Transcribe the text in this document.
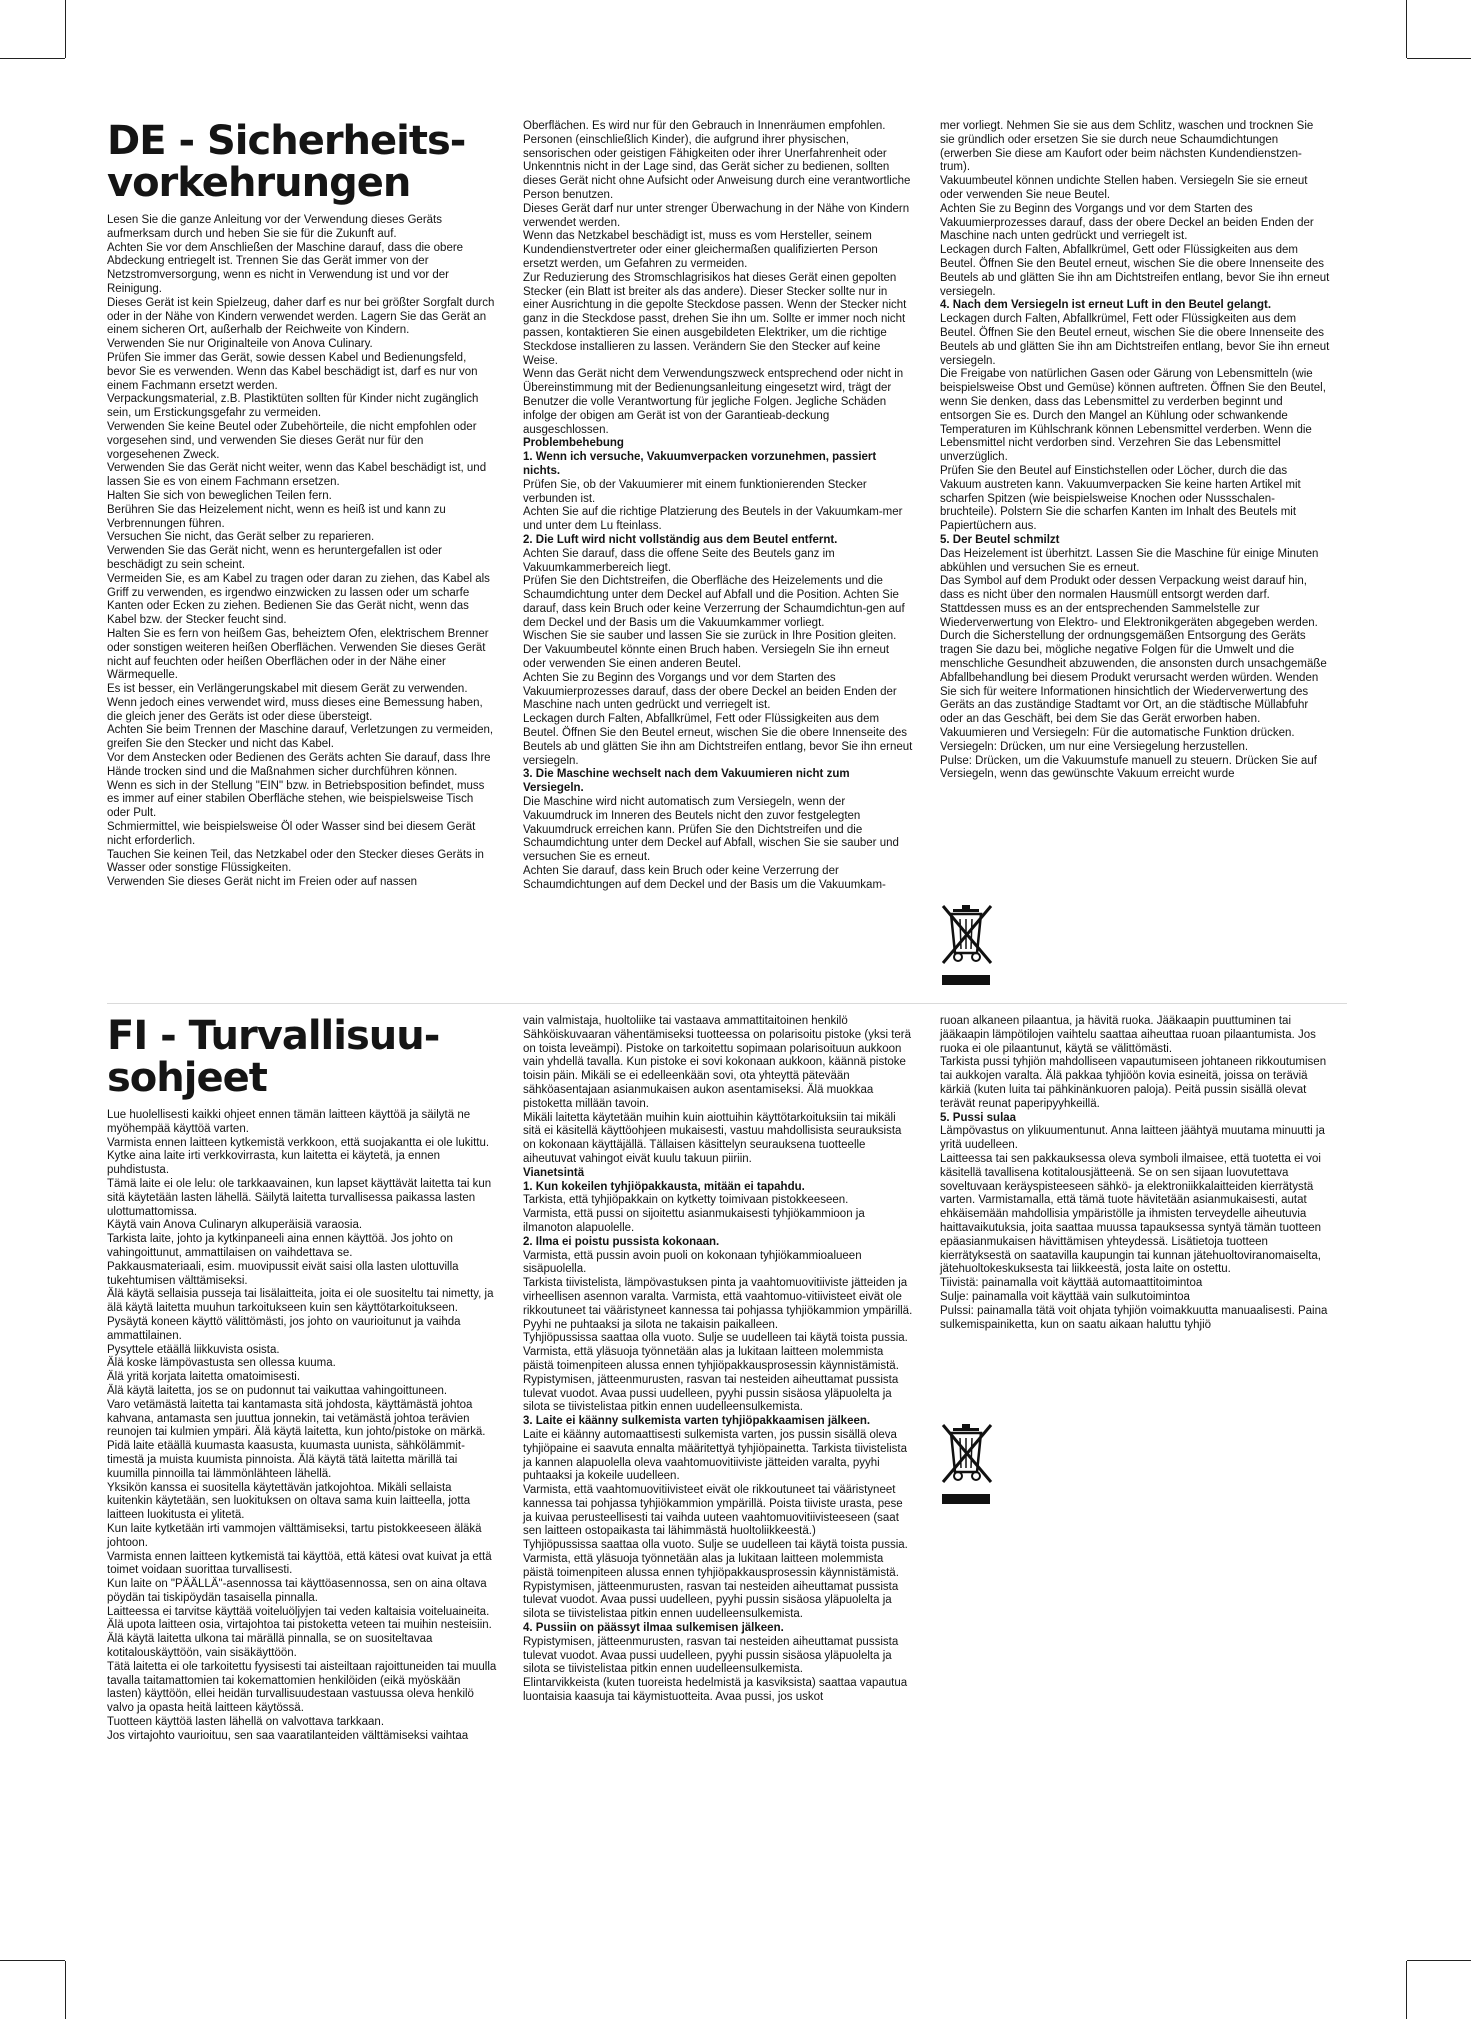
DE - Sicherheits-
vorkehrungen

Lesen Sie die ganze Anleitung vor der Verwendung dieses Geräts aufmerksam durch und heben Sie sie für die Zukunft auf.

Achten Sie vor dem Anschließen der Maschine darauf, dass die obere Abdeckung entriegelt ist. Trennen Sie das Gerät immer von der Netzstromversorgung, wenn es nicht in Verwendung ist und vor der Reinigung.

Dieses Gerät ist kein Spielzeug, daher darf es nur bei größter Sorgfalt durch oder in der Nähe von Kindern verwendet werden. Lagern Sie das Gerät an einem sicheren Ort, außerhalb der Reichweite von Kindern.

Verwenden Sie nur Originalteile von Anova Culinary.

Prüfen Sie immer das Gerät, sowie dessen Kabel und Bedienungsfeld, bevor Sie es verwenden. Wenn das Kabel beschädigt ist, darf es nur von einem Fachmann ersetzt werden.

Verpackungsmaterial, z.B. Plastiktüten sollten für Kinder nicht zugänglich sein, um Erstickungsgefahr zu vermeiden.

Verwenden Sie keine Beutel oder Zubehörteile, die nicht empfohlen oder vorgesehen sind, und verwenden Sie dieses Gerät nur für den vorgesehenen Zweck.

Verwenden Sie das Gerät nicht weiter, wenn das Kabel beschädigt ist, und lassen Sie es von einem Fachmann ersetzen.

Halten Sie sich von beweglichen Teilen fern.

Berühren Sie das Heizelement nicht, wenn es heiß ist und kann zu Verbrennungen führen.

Versuchen Sie nicht, das Gerät selber zu reparieren.

Verwenden Sie das Gerät nicht, wenn es heruntergefallen ist oder beschädigt zu sein scheint.

Vermeiden Sie, es am Kabel zu tragen oder daran zu ziehen, das Kabel als Griff zu verwenden, es irgendwo einzwicken zu lassen oder um scharfe Kanten oder Ecken zu ziehen. Bedienen Sie das Gerät nicht, wenn das Kabel bzw. der Stecker feucht sind.

Halten Sie es fern von heißem Gas, beheiztem Ofen, elektrischem Brenner oder sonstigen weiteren heißen Oberflächen. Verwenden Sie dieses Gerät nicht auf feuchten oder heißen Oberflächen oder in der Nähe einer Wärmequelle.

Es ist besser, ein Verlängerungskabel mit diesem Gerät zu verwenden. Wenn jedoch eines verwendet wird, muss dieses eine Bemessung haben, die gleich jener des Geräts ist oder diese übersteigt.

Achten Sie beim Trennen der Maschine darauf, Verletzungen zu vermeiden, greifen Sie den Stecker und nicht das Kabel.

Vor dem Anstecken oder Bedienen des Geräts achten Sie darauf, dass Ihre Hände trocken sind und die Maßnahmen sicher durchführen können.

Wenn es sich in der Stellung "EIN" bzw. in Betriebsposition befindet, muss es immer auf einer stabilen Oberfläche stehen, wie beispielsweise Tisch oder Pult.

Schmiermittel, wie beispielsweise Öl oder Wasser sind bei diesem Gerät nicht erforderlich.

Tauchen Sie keinen Teil, das Netzkabel oder den Stecker dieses Geräts in Wasser oder sonstige Flüssigkeiten.

Verwenden Sie dieses Gerät nicht im Freien oder auf nassen

Oberflächen. Es wird nur für den Gebrauch in Innenräumen empfohlen.

Personen (einschließlich Kinder), die aufgrund ihrer physischen, sensorischen oder geistigen Fähigkeiten oder ihrer Unerfahrenheit oder Unkenntnis nicht in der Lage sind, das Gerät sicher zu bedienen, sollten dieses Gerät nicht ohne Aufsicht oder Anweisung durch eine verantwortliche Person benutzen.

Dieses Gerät darf nur unter strenger Überwachung in der Nähe von Kindern verwendet werden.

Wenn das Netzkabel beschädigt ist, muss es vom Hersteller, seinem Kundendienstvertreter oder einer gleichermaßen qualifizierten Person ersetzt werden, um Gefahren zu vermeiden.

Zur Reduzierung des Stromschlagrisikos hat dieses Gerät einen gepolten Stecker (ein Blatt ist breiter als das andere). Dieser Stecker sollte nur in einer Ausrichtung in die gepolte Steckdose passen. Wenn der Stecker nicht ganz in die Steckdose passt, drehen Sie ihn um. Sollte er immer noch nicht passen, kontaktieren Sie einen ausgebildeten Elektriker, um die richtige Steckdose installieren zu lassen. Verändern Sie den Stecker auf keine Weise.

Wenn das Gerät nicht dem Verwendungszweck entsprechend oder nicht in Übereinstimmung mit der Bedienungsanleitung eingesetzt wird, trägt der Benutzer die volle Verantwortung für jegliche Folgen. Jegliche Schäden infolge der obigen am Gerät ist von der Garantieab-deckung ausgeschlossen.

Problembehebung

1. Wenn ich versuche, Vakuumverpacken vorzunehmen, passiert nichts.

Prüfen Sie, ob der Vakuumierer mit einem funktionierenden Stecker verbunden ist.

Achten Sie auf die richtige Platzierung des Beutels in der Vakuumkam-mer und unter dem Lu fteinlass.

2. Die Luft wird nicht vollständig aus dem Beutel entfernt.

Achten Sie darauf, dass die offene Seite des Beutels ganz im Vakuumkammerbereich liegt.

Prüfen Sie den Dichtstreifen, die Oberfläche des Heizelements und die Schaumdichtung unter dem Deckel auf Abfall und die Position. Achten Sie darauf, dass kein Bruch oder keine Verzerrung der Schaumdichtun-gen auf dem Deckel und der Basis um die Vakuumkammer vorliegt.

Wischen Sie sie sauber und lassen Sie sie zurück in Ihre Position gleiten.

Der Vakuumbeutel könnte einen Bruch haben. Versiegeln Sie ihn erneut oder verwenden Sie einen anderen Beutel.

Achten Sie zu Beginn des Vorgangs und vor dem Starten des Vakuumierprozesses darauf, dass der obere Deckel an beiden Enden der Maschine nach unten gedrückt und verriegelt ist.

Leckagen durch Falten, Abfallkrümel, Fett oder Flüssigkeiten aus dem Beutel. Öffnen Sie den Beutel erneut, wischen Sie die obere Innenseite des Beutels ab und glätten Sie ihn am Dichtstreifen entlang, bevor Sie ihn erneut versiegeln.

3. Die Maschine wechselt nach dem Vakuumieren nicht zum Versiegeln.

Die Maschine wird nicht automatisch zum Versiegeln, wenn der Vakuumdruck im Inneren des Beutels nicht den zuvor festgelegten Vakuumdruck erreichen kann. Prüfen Sie den Dichtstreifen und die Schaumdichtung unter dem Deckel auf Abfall, wischen Sie sie sauber und versuchen Sie es erneut.

Achten Sie darauf, dass kein Bruch oder keine Verzerrung der Schaumdichtungen auf dem Deckel und der Basis um die Vakuumkam-

mer vorliegt. Nehmen Sie sie aus dem Schlitz, waschen und trocknen Sie sie gründlich oder ersetzen Sie sie durch neue Schaumdichtungen (erwerben Sie diese am Kaufort oder beim nächsten Kundendienstzen-trum).

Vakuumbeutel können undichte Stellen haben. Versiegeln Sie sie erneut oder verwenden Sie neue Beutel.

Achten Sie zu Beginn des Vorgangs und vor dem Starten des Vakuumierprozesses darauf, dass der obere Deckel an beiden Enden der Maschine nach unten gedrückt und verriegelt ist.

Leckagen durch Falten, Abfallkrümel, Gett oder Flüssigkeiten aus dem Beutel. Öffnen Sie den Beutel erneut, wischen Sie die obere Innenseite des Beutels ab und glätten Sie ihn am Dichtstreifen entlang, bevor Sie ihn erneut versiegeln.

4. Nach dem Versiegeln ist erneut Luft in den Beutel gelangt.

Leckagen durch Falten, Abfallkrümel, Fett oder Flüssigkeiten aus dem Beutel. Öffnen Sie den Beutel erneut, wischen Sie die obere Innenseite des Beutels ab und glätten Sie ihn am Dichtstreifen entlang, bevor Sie ihn erneut versiegeln.

Die Freigabe von natürlichen Gasen oder Gärung von Lebensmitteln (wie beispielsweise Obst und Gemüse) können auftreten. Öffnen Sie den Beutel, wenn Sie denken, dass das Lebensmittel zu verderben beginnt und entsorgen Sie es. Durch den Mangel an Kühlung oder schwankende Temperaturen im Kühlschrank können Lebensmittel verderben. Wenn die Lebensmittel nicht verdorben sind. Verzehren Sie das Lebensmittel unverzüglich.

Prüfen Sie den Beutel auf Einstichstellen oder Löcher, durch die das Vakuum austreten kann. Vakuumverpacken Sie keine harten Artikel mit scharfen Spitzen (wie beispielsweise Knochen oder Nussschalen-bruchteile). Polstern Sie die scharfen Kanten im Inhalt des Beutels mit Papiertüchern aus.

5. Der Beutel schmilzt

Das Heizelement ist überhitzt. Lassen Sie die Maschine für einige Minuten abkühlen und versuchen Sie es erneut.

Das Symbol auf dem Produkt oder dessen Verpackung weist darauf hin, dass es nicht über den normalen Hausmüll entsorgt werden darf. Stattdessen muss es an der entsprechenden Sammelstelle zur Wiederverwertung von Elektro- und Elektronikgeräten abgegeben werden. Durch die Sicherstellung der ordnungsgemäßen Entsorgung des Geräts tragen Sie dazu bei, mögliche negative Folgen für die Umwelt und die menschliche Gesundheit abzuwenden, die ansonsten durch unsachgemäße Abfallbehandlung bei diesem Produkt verursacht werden würden. Wenden Sie sich für weitere Informationen hinsichtlich der Wiederverwertung des Geräts an das zuständige Stadtamt vor Ort, an die städtische Müllabfuhr oder an das Geschäft, bei dem Sie das Gerät erworben haben.

Vakuumieren und Versiegeln: Für die automatische Funktion drücken.

Versiegeln: Drücken, um nur eine Versiegelung herzustellen.

Pulse: Drücken, um die Vakuumstufe manuell zu steuern. Drücken Sie auf Versiegeln, wenn das gewünschte Vakuum erreicht wurde

FI - Turvallisuu-
sohjeet

Lue huolellisesti kaikki ohjeet ennen tämän laitteen käyttöä ja säilytä ne myöhempää käyttöä varten.

Varmista ennen laitteen kytkemistä verkkoon, että suojakantta ei ole lukittu. Kytke aina laite irti verkkovirrasta, kun laitetta ei käytetä, ja ennen puhdistusta.

Tämä laite ei ole lelu: ole tarkkaavainen, kun lapset käyttävät laitetta tai kun sitä käytetään lasten lähellä. Säilytä laitetta turvallisessa paikassa lasten ulottumattomissa.

Käytä vain Anova Culinaryn alkuperäisiä varaosia.

Tarkista laite, johto ja kytkinpaneeli aina ennen käyttöä. Jos johto on vahingoittunut, ammattilaisen on vaihdettava se.

Pakkausmateriaali, esim. muovipussit eivät saisi olla lasten ulottuvilla tukehtumisen välttämiseksi.

Älä käytä sellaisia pusseja tai lisälaitteita, joita ei ole suositeltu tai nimetty, ja älä käytä laitetta muuhun tarkoitukseen kuin sen käyttötarkoitukseen.

Pysäytä koneen käyttö välittömästi, jos johto on vaurioitunut ja vaihda ammattilainen.

Pysyttele etäällä liikkuvista osista.

Älä koske lämpövastusta sen ollessa kuuma.

Älä yritä korjata laitetta omatoimisesti.

Älä käytä laitetta, jos se on pudonnut tai vaikuttaa vahingoittuneen.

Varo vetämästä laitetta tai kantamasta sitä johdosta, käyttämästä johtoa kahvana, antamasta sen juuttua jonnekin, tai vetämästä johtoa terävien reunojen tai kulmien ympäri. Älä käytä laitetta, kun johto/pistoke on märkä.

Pidä laite etäällä kuumasta kaasusta, kuumasta uunista, sähkölämmit-timestä ja muista kuumista pinnoista. Älä käytä tätä laitetta märillä tai kuumilla pinnoilla tai lämmönlähteen lähellä.

Yksikön kanssa ei suositella käytettävän jatkojohtoa. Mikäli sellaista kuitenkin käytetään, sen luokituksen on oltava sama kuin laitteella, jotta laitteen luokitusta ei ylitetä.

Kun laite kytketään irti vammojen välttämiseksi, tartu pistokkeeseen äläkä johtoon.

Varmista ennen laitteen kytkemistä tai käyttöä, että kätesi ovat kuivat ja että toimet voidaan suorittaa turvallisesti.

Kun laite on "PÄÄLLÄ"-asennossa tai käyttöasennossa, sen on aina oltava pöydän tai tiskipöydän tasaisella pinnalla.

Laitteessa ei tarvitse käyttää voiteluöljyjen tai veden kaltaisia voiteluaineita.

Älä upota laitteen osia, virtajohtoa tai pistoketta veteen tai muihin nesteisiin.

Älä käytä laitetta ulkona tai märällä pinnalla, se on suositeltavaa kotitalouskäyttöön, vain sisäkäyttöön.

Tätä laitetta ei ole tarkoitettu fyysisesti tai aisteiltaan rajoittuneiden tai muulla tavalla taitamattomien tai kokemattomien henkilöiden (eikä myöskään lasten) käyttöön, ellei heidän turvallisuudestaan vastuussa oleva henkilö valvo ja opasta heitä laitteen käytössä.

Tuotteen käyttöä lasten lähellä on valvottava tarkkaan.

Jos virtajohto vaurioituu, sen saa vaaratilanteiden välttämiseksi vaihtaa

vain valmistaja, huoltoliike tai vastaava ammattitaitoinen henkilö

Sähköiskuvaaran vähentämiseksi tuotteessa on polarisoitu pistoke (yksi terä on toista leveämpi). Pistoke on tarkoitettu sopimaan polarisoituun aukkoon vain yhdellä tavalla. Kun pistoke ei sovi kokonaan aukkoon, käännä pistoke toisin päin. Mikäli se ei edelleenkään sovi, ota yhteyttä pätevään sähköasentajaan asianmukaisen aukon asentamiseksi. Älä muokkaa pistoketta millään tavoin.

Mikäli laitetta käytetään muihin kuin aiottuihin käyttötarkoituksiin tai mikäli sitä ei käsitellä käyttöohjeen mukaisesti, vastuu mahdollisista seurauksista on kokonaan käyttäjällä. Tällaisen käsittelyn seurauksena tuotteelle aiheutuvat vahingot eivät kuulu takuun piiriin.

Vianetsintä

1. Kun kokeilen tyhjiöpakkausta, mitään ei tapahdu.

Tarkista, että tyhjiöpakkain on kytketty toimivaan pistokkeeseen.

Varmista, että pussi on sijoitettu asianmukaisesti tyhjiökammioon ja ilmanoton alapuolelle.

2. Ilma ei poistu pussista kokonaan.

Varmista, että pussin avoin puoli on kokonaan tyhjiökammioalueen sisäpuolella.

Tarkista tiivistelista, lämpövastuksen pinta ja vaahtomuovitiiviste jätteiden ja virheellisen asennon varalta. Varmista, että vaahtomuo-vitiivisteet eivät ole rikkoutuneet tai vääristyneet kannessa tai pohjassa tyhjiökammion ympärillä. Pyyhi ne puhtaaksi ja silota ne takaisin paikalleen.

Tyhjiöpussissa saattaa olla vuoto. Sulje se uudelleen tai käytä toista pussia.

Varmista, että yläsuoja työnnetään alas ja lukitaan laitteen molemmista päistä toimenpiteen alussa ennen tyhjiöpakkausprosessin käynnistämistä.

Rypistymisen, jätteenmurusten, rasvan tai nesteiden aiheuttamat pussista tulevat vuodot. Avaa pussi uudelleen, pyyhi pussin sisäosa yläpuolelta ja silota se tiivistelistaa pitkin ennen uudelleensulkemista.

3. Laite ei käänny sulkemista varten tyhjiöpakkaamisen jälkeen.

Laite ei käänny automaattisesti sulkemista varten, jos pussin sisällä oleva tyhjiöpaine ei saavuta ennalta määritettyä tyhjiöpainetta. Tarkista tiivistelista ja kannen alapuolella oleva vaahtomuovitiiviste jätteiden varalta, pyyhi puhtaaksi ja kokeile uudelleen.

Varmista, että vaahtomuovitiivisteet eivät ole rikkoutuneet tai vääristyneet kannessa tai pohjassa tyhjiökammion ympärillä. Poista tiiviste urasta, pese ja kuivaa perusteellisesti tai vaihda uuteen vaahtomuovitiivisteeseen (saat sen laitteen ostopaikasta tai lähimmästä huoltoliikkeestä.)

Tyhjiöpussissa saattaa olla vuoto. Sulje se uudelleen tai käytä toista pussia.

Varmista, että yläsuoja työnnetään alas ja lukitaan laitteen molemmista päistä toimenpiteen alussa ennen tyhjiöpakkausprosessin käynnistämistä.

Rypistymisen, jätteenmurusten, rasvan tai nesteiden aiheuttamat pussista tulevat vuodot. Avaa pussi uudelleen, pyyhi pussin sisäosa yläpuolelta ja silota se tiivistelistaa pitkin ennen uudelleensulkemista.

4. Pussiin on päässyt ilmaa sulkemisen jälkeen.

Rypistymisen, jätteenmurusten, rasvan tai nesteiden aiheuttamat pussista tulevat vuodot. Avaa pussi uudelleen, pyyhi pussin sisäosa yläpuolelta ja silota se tiivistelistaa pitkin ennen uudelleensulkemista.

Elintarvikkeista (kuten tuoreista hedelmistä ja kasviksista) saattaa vapautua luontaisia kaasuja tai käymistuotteita. Avaa pussi, jos uskot

ruoan alkaneen pilaantua, ja hävitä ruoka. Jääkaapin puuttuminen tai jääkaapin lämpötilojen vaihtelu saattaa aiheuttaa ruoan pilaantumista. Jos ruoka ei ole pilaantunut, käytä se välittömästi.

Tarkista pussi tyhjiön mahdolliseen vapautumiseen johtaneen rikkoutumisen tai aukkojen varalta. Älä pakkaa tyhjiöön kovia esineitä, joissa on teräviä kärkiä (kuten luita tai pähkinänkuoren paloja). Peitä pussin sisällä olevat terävät reunat paperipyyhkeillä.

5. Pussi sulaa

Lämpövastus on ylikuumentunut. Anna laitteen jäähtyä muutama minuutti ja yritä uudelleen.

Laitteessa tai sen pakkauksessa oleva symboli ilmaisee, että tuotetta ei voi käsitellä tavallisena kotitalousjätteenä. Se on sen sijaan luovutettava soveltuvaan keräyspisteeseen sähkö- ja elektroniikkalaitteiden kierrätystä varten. Varmistamalla, että tämä tuote hävitetään asianmukaisesti, autat ehkäisemään mahdollisia ympäristölle ja ihmisten terveydelle aiheutuvia haittavaikutuksia, joita saattaa muussa tapauksessa syntyä tämän tuotteen epäasianmukaisen hävittämisen yhteydessä. Lisätietoja tuotteen kierrätyksestä on saatavilla kaupungin tai kunnan jätehuoltoviranomaiselta, jätehuoltokeskuksesta tai liikkeestä, josta laite on ostettu.

Tiivistä: painamalla voit käyttää automaattitoimintoa

Sulje: painamalla voit käyttää vain sulkutoimintoa

Pulssi: painamalla tätä voit ohjata tyhjiön voimakkuutta manuaalisesti. Paina sulkemispainiketta, kun on saatu aikaan haluttu tyhjiö
